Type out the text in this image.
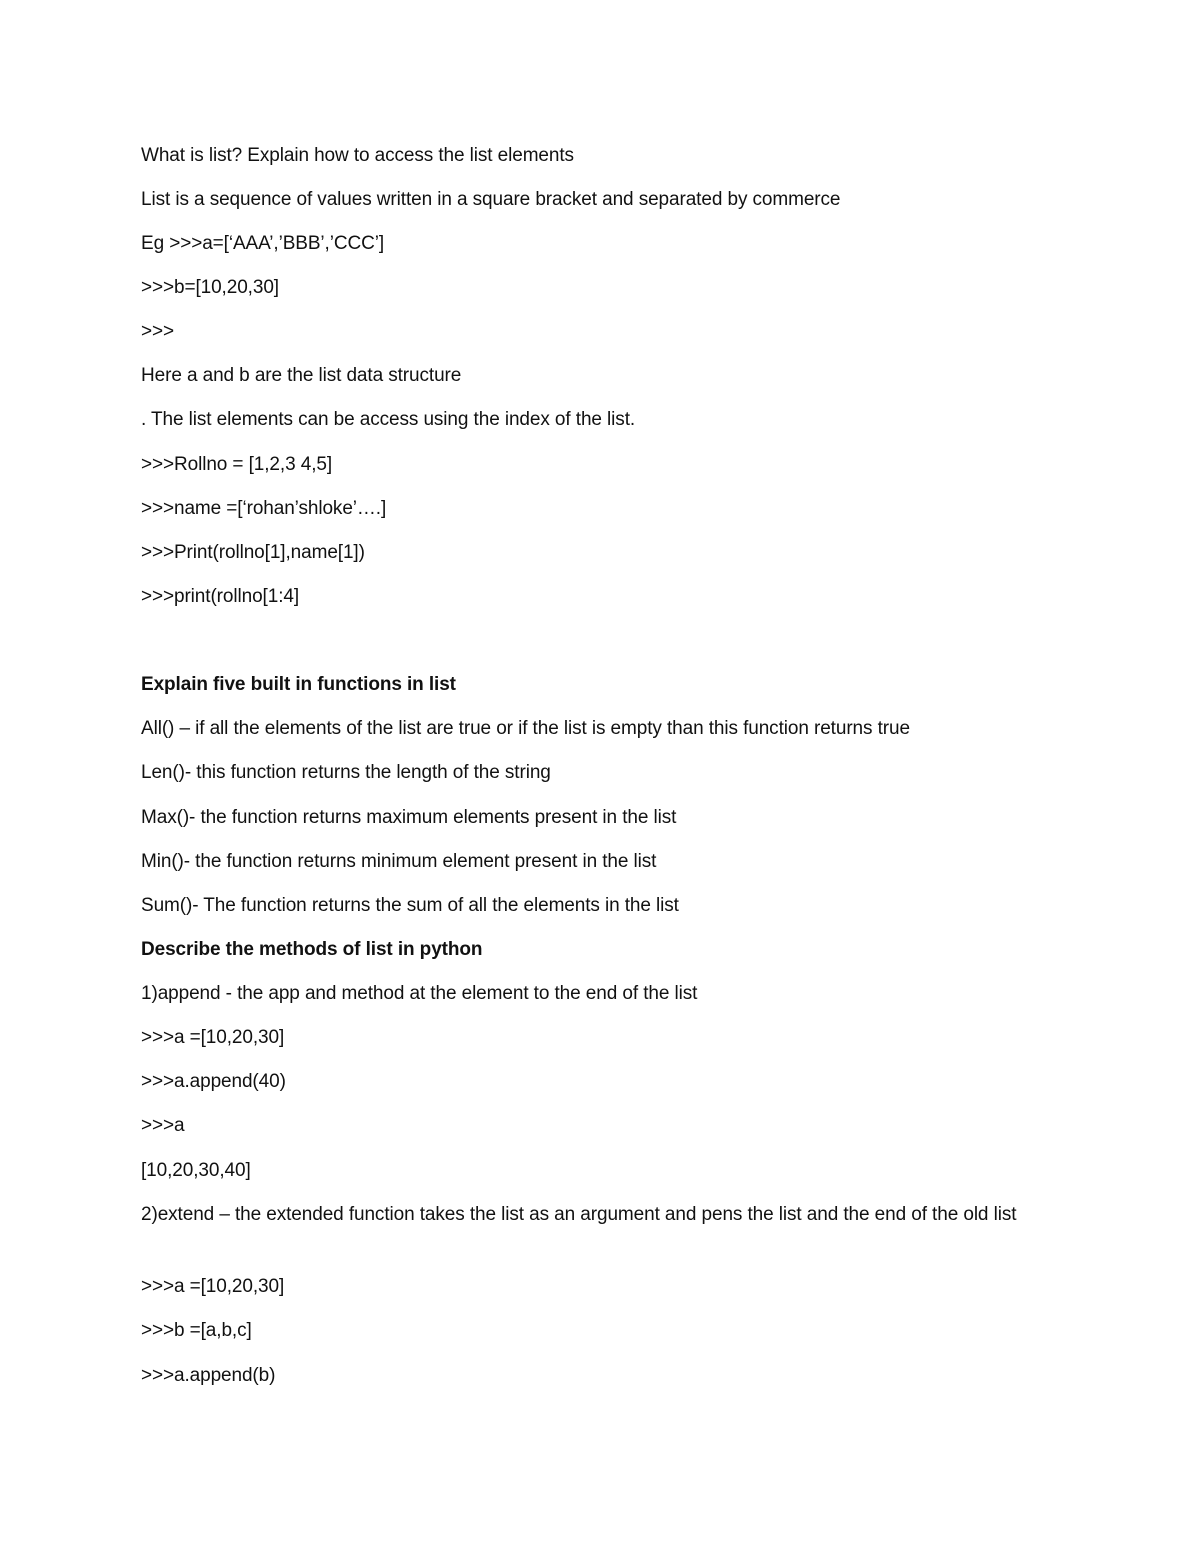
What is list? Explain how to access the list elements
List is a sequence of values written in a square bracket and separated by commerce
Eg >>>a=[‘AAA’,’BBB’,’CCC’]
>>>b=[10,20,30]
>>>
Here a and b are the list data structure
. The list elements can be access using the index of the list.
>>>Rollno = [1,2,3 4,5]
>>>name =[‘rohan’shloke’….]
>>>Print(rollno[1],name[1])
>>>print(rollno[1:4]
Explain five built in functions in list
All() – if all the elements of the list are true or if the list is empty than this function returns true
Len()- this function returns the length of the string
Max()- the function returns maximum elements present in the list
Min()- the function returns minimum element present in the list
Sum()- The function returns the sum of all the elements in the list
Describe the methods of list in python
1)append - the app and method at the element to the end of the list
>>>a =[10,20,30]
>>>a.append(40)
>>>a
[10,20,30,40]
2)extend – the extended function takes the list as an argument and pens the list and the end of the old list
>>>a =[10,20,30]
>>>b =[a,b,c]
>>>a.append(b)
